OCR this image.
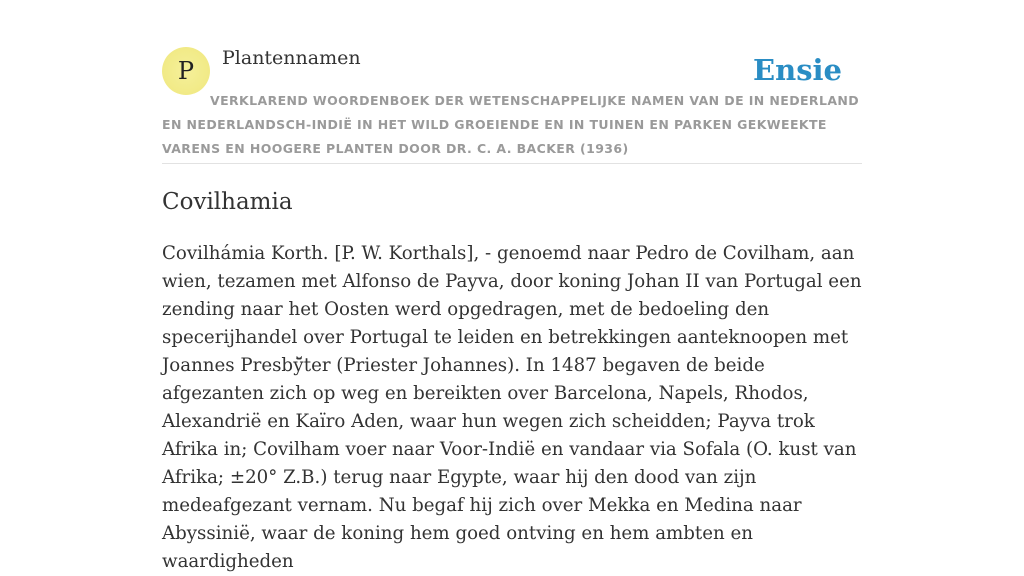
P	Plantennamen	Ensie
VERKLAREND WOORDENBOEK DER WETENSCHAPPELIJKE NAMEN VAN DE IN NEDERLAND EN NEDERLANDSCH-INDIË IN HET WILD GROEIENDE EN IN TUINEN EN PARKEN GEKWEEKTE VARENS EN HOOGERE PLANTEN DOOR DR. C. A. BACKER (1936)
Covilhamia

Covilhámia Korth. [P. W. Korthals], - genoemd naar Pedro de Covilham, aan wien, tezamen met Alfonso de Payva, door koning Johan II van Portugal een zending naar het Oosten werd opgedragen, met de bedoeling den specerijhandel over Portugal te leiden en betrekkingen aanteknoopen met Joannes Presbў̆ter (Priester Johannes). In 1487 begaven de beide afgezanten zich op weg en bereikten over Barcelona, Napels, Rhodos, Alexandrië en Kaïro Aden, waar hun wegen zich scheidden; Payva trok Afrika in; Covilham voer naar Voor-Indië en vandaar via Sofala (O. kust van Afrika; ±20° Z.B.) terug naar Egypte, waar hij den dood van zijn medeafgezant vernam. Nu begaf hij zich over Mekka en Medina naar Abyssinië, waar de koning hem goed ontving en hem ambten en waardigheden
